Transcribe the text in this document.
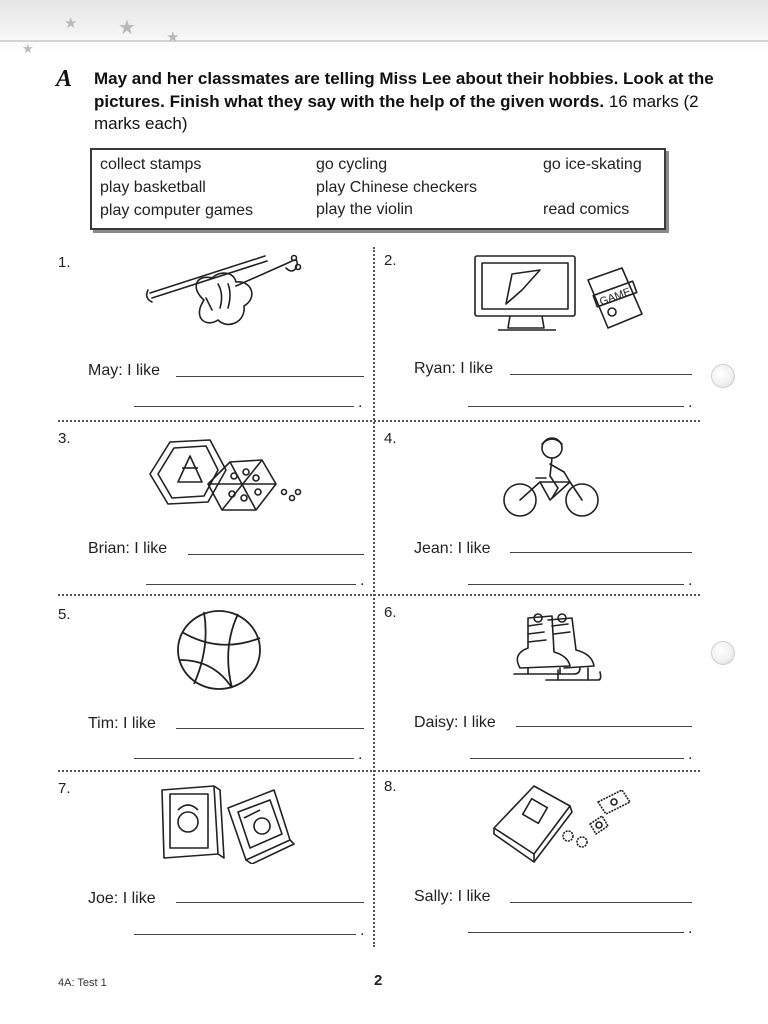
★ ★ ★
★
A May and her classmates are telling Miss Lee about their hobbies. Look at the pictures. Finish what they say with the help of the given words. 16 marks (2 marks each)
collect stamps	go cycling	go ice-skating
play basketball	play Chinese checkers
play computer games	play the violin	read comics
1.
May: I like
.
2.
GAME
Ryan: I like
.
3.
Brian: I like
.
4.
Jean: I like
.
5.
Tim: I like
.
6.
Daisy: I like
.
7.
Joe: I like
.
8.
Sally: I like
.
4A: Test 1	2
